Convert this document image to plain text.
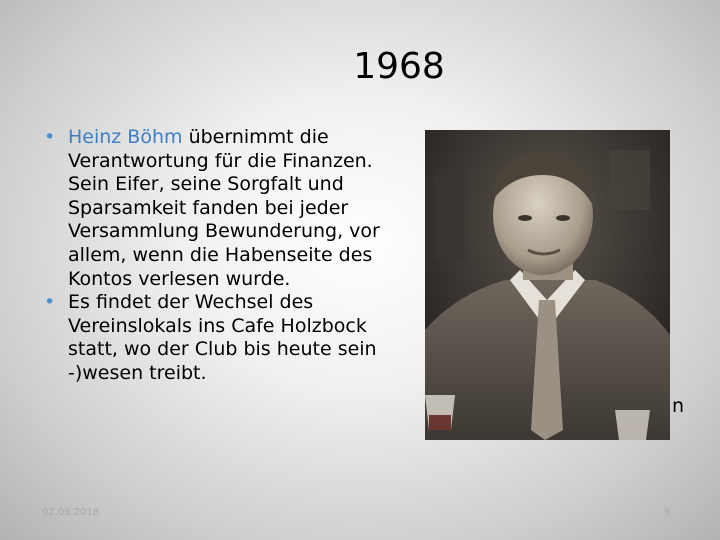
1968
• Heinz Böhm übernimmt die Verantwortung für die Finanzen. Sein Eifer, seine Sorgfalt und Sparsamkeit fanden bei jeder Versammlung Bewunderung, vor allem, wenn die Habenseite des Kontos verlesen wurde.
• Es findet der Wechsel des Vereinslokals ins Cafe Holzbock statt, wo der Club bis heute sein -)wesen treibt.
n
02.06.2018	9
